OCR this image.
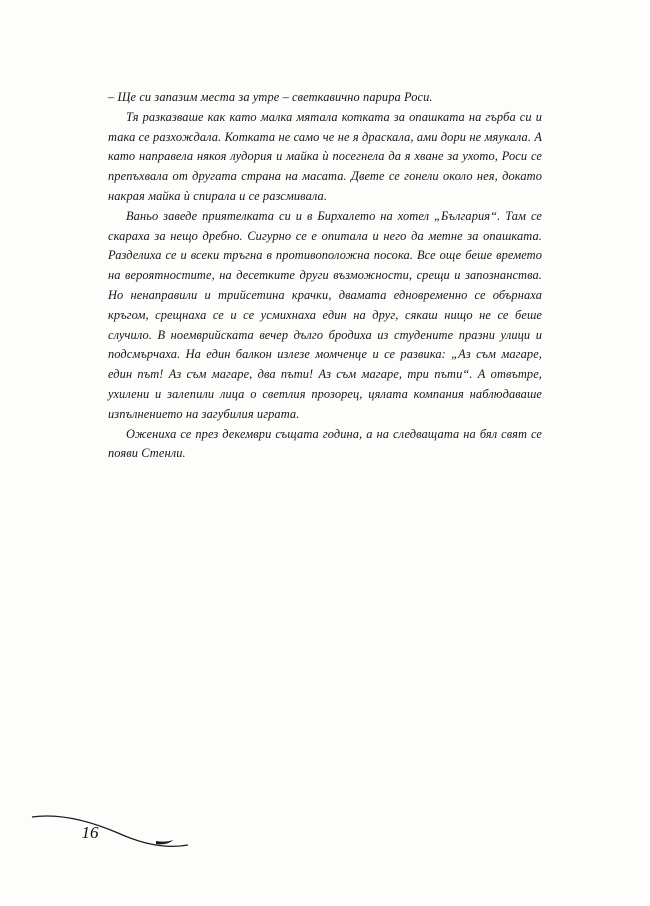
– Ще си запазим места за утре – светкавично парира Роси.

Тя разказваше как като малка мятала котката за опашката на гърба си и така се разхождала. Котката не само че не я драскала, ами дори не мяукала. А като направела някоя лудория и майка ѝ посегнела да я хване за ухото, Роси се препъхвала от другата страна на масата. Двете се гонели около нея, докато накрая майка ѝ спирала и се разсмивала.

Ваньо заведе приятелката си и в Бирхалето на хотел „България“. Там се скараха за нещо дребно. Сигурно се е опитала и него да метне за опашката. Разделиха се и всеки тръгна в противоположна посока. Все още беше времето на вероятностите, на десетките други възможности, срещи и запознанства. Но ненаправили и трийсетина крачки, двамата едновременно се обърнаха кръгом, срещнаха се и се усмихнаха един на друг, сякаш нищо не се беше случило. В ноемврийската вечер дълго бродиха из студените празни улици и подсмърчаха. На един балкон излезе момченце и се развика: „Аз съм магаре, един път! Аз съм магаре, два пъти! Аз съм магаре, три пъти“. А отвътре, ухилени и залепили лица о светлия прозорец, цялата компания наблюдаваше изпълнението на загубилия играта.

Ожениха се през декември същата година, а на следващата на бял свят се появи Стенли.

16
